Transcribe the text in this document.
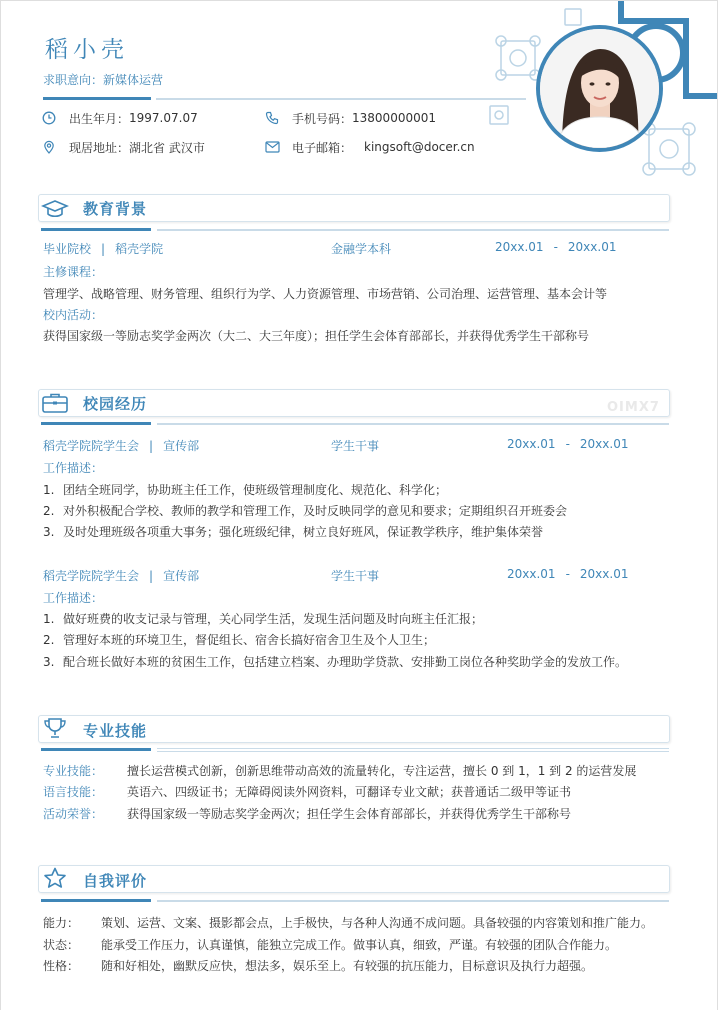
稻小壳
求职意向：新媒体运营
出生年月： 1997.07.07	手机号码： 13800000001
现居地址： 湖北省 武汉市	电子邮箱： kingsoft@docer.cn
教育背景
毕业院校 | 稻壳学院	金融学本科	20xx.01 - 20xx.01
主修课程：
管理学、战略管理、财务管理、组织行为学、人力资源管理、市场营销、公司治理、运营管理、基本会计等
校内活动：
获得国家级一等励志奖学金两次（大二、大三年度）；担任学生会体育部部长，并获得优秀学生干部称号
校园经历	OIMX7
稻壳学院院学生会 | 宣传部	学生干事	20xx.01 - 20xx.01
工作描述：
1. 团结全班同学，协助班主任工作，使班级管理制度化、规范化、科学化；
2. 对外积极配合学校、教师的教学和管理工作，及时反映同学的意见和要求；定期组织召开班委会
3. 及时处理班级各项重大事务；强化班级纪律，树立良好班风，保证教学秩序，维护集体荣誉
稻壳学院院学生会 | 宣传部	学生干事	20xx.01 - 20xx.01
工作描述：
1. 做好班费的收支记录与管理，关心同学生活，发现生活问题及时向班主任汇报；
2. 管理好本班的环境卫生，督促组长、宿舍长搞好宿舍卫生及个人卫生；
3. 配合班长做好本班的贫困生工作，包括建立档案、办理助学贷款、安排勤工岗位各种奖助学金的发放工作。
专业技能
专业技能： 擅长运营模式创新，创新思维带动高效的流量转化，专注运营，擅长 0 到 1，1 到 2 的运营发展
语言技能： 英语六、四级证书；无障碍阅读外网资料，可翻译专业文献；获普通话二级甲等证书
活动荣誉： 获得国家级一等励志奖学金两次；担任学生会体育部部长，并获得优秀学生干部称号
自我评价
能力： 策划、运营、文案、摄影都会点，上手极快，与各种人沟通不成问题。具备较强的内容策划和推广能力。
状态： 能承受工作压力，认真谨慎，能独立完成工作。做事认真，细致，严谨。有较强的团队合作能力。
性格： 随和好相处，幽默反应快，想法多，娱乐至上。有较强的抗压能力，目标意识及执行力超强。
